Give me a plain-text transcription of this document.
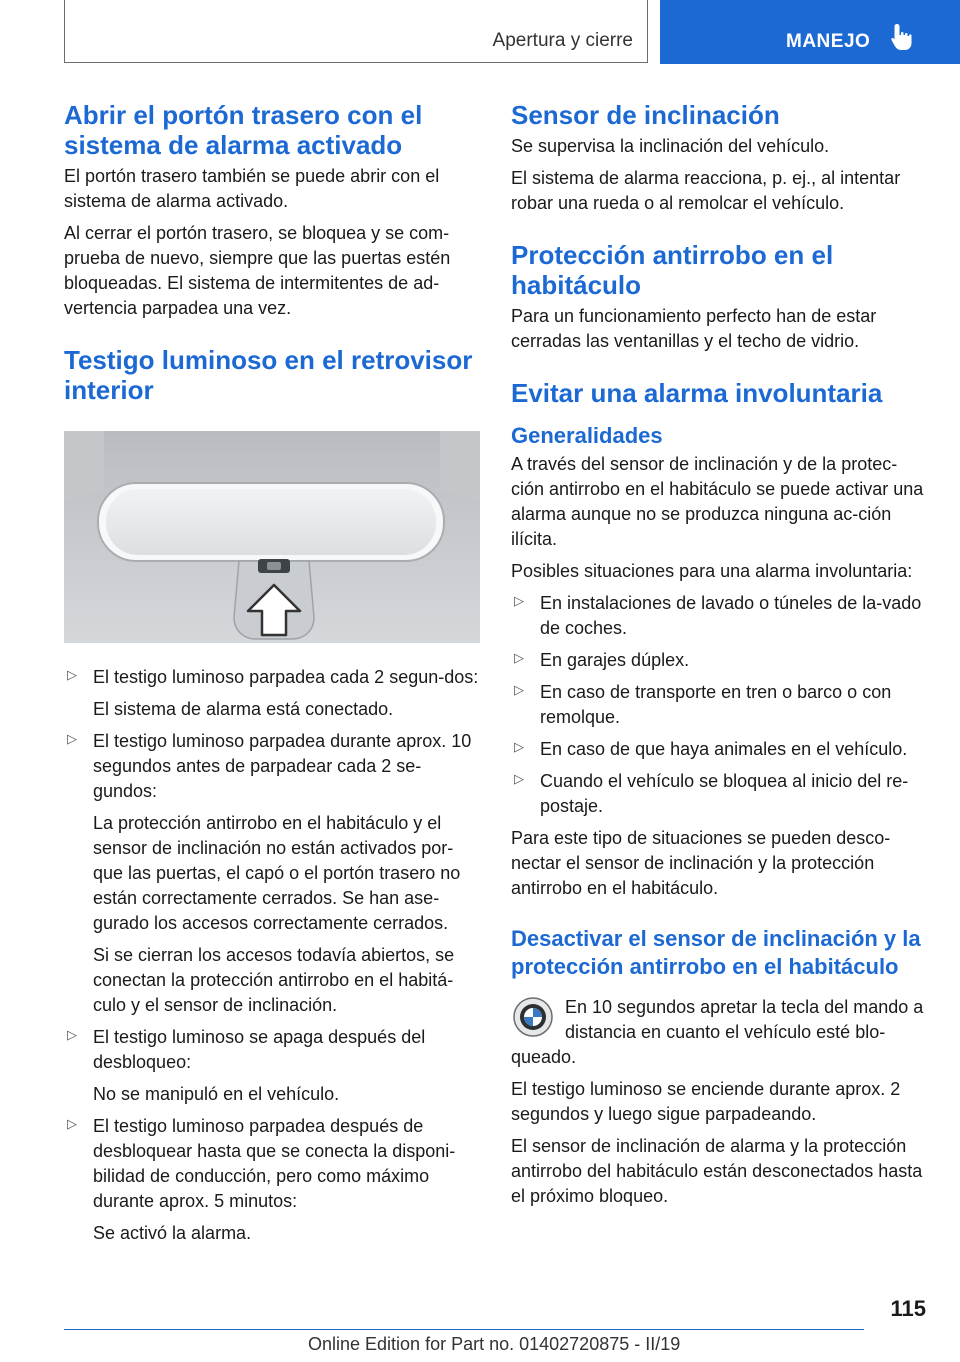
Apertura y cierre	MANEJO
Abrir el portón trasero con el sistema de alarma activado

El portón trasero también se puede abrir con el sistema de alarma activado.

Al cerrar el portón trasero, se bloquea y se com-prueba de nuevo, siempre que las puertas estén bloqueadas. El sistema de intermitentes de ad-vertencia parpadea una vez.

Testigo luminoso en el retrovisor interior
▷ El testigo luminoso parpadea cada 2 segun-dos:

El sistema de alarma está conectado.

▷ El testigo luminoso parpadea durante aprox. 10 segundos antes de parpadear cada 2 se-gundos:

La protección antirrobo en el habitáculo y el sensor de inclinación no están activados por-que las puertas, el capó o el portón trasero no están correctamente cerrados. Se han ase-gurado los accesos correctamente cerrados.

Si se cierran los accesos todavía abiertos, se conectan la protección antirrobo en el habitá-culo y el sensor de inclinación.

▷ El testigo luminoso se apaga después del desbloqueo:

No se manipuló en el vehículo.

▷ El testigo luminoso parpadea después de desbloquear hasta que se conecta la disponi-bilidad de conducción, pero como máximo durante aprox. 5 minutos:

Se activó la alarma.

Sensor de inclinación

Se supervisa la inclinación del vehículo.

El sistema de alarma reacciona, p. ej., al intentar robar una rueda o al remolcar el vehículo.

Protección antirrobo en el habitáculo

Para un funcionamiento perfecto han de estar cerradas las ventanillas y el techo de vidrio.

Evitar una alarma involuntaria
Generalidades

A través del sensor de inclinación y de la protec-ción antirrobo en el habitáculo se puede activar una alarma aunque no se produzca ninguna ac-ción ilícita.

Posibles situaciones para una alarma involuntaria:

▷ En instalaciones de lavado o túneles de la-vado de coches.

▷ En garajes dúplex.

▷ En caso de transporte en tren o barco o con remolque.

▷ En caso de que haya animales en el vehículo.

▷ Cuando el vehículo se bloquea al inicio del re-postaje.

Para este tipo de situaciones se pueden desco-nectar el sensor de inclinación y la protección antirrobo en el habitáculo.

Desactivar el sensor de inclinación y la protección antirrobo en el habitáculo

En 10 segundos apretar la tecla del mando a distancia en cuanto el vehículo esté blo-queado.

El testigo luminoso se enciende durante aprox. 2 segundos y luego sigue parpadeando.

El sensor de inclinación de alarma y la protección antirrobo del habitáculo están desconectados hasta el próximo bloqueo.

115
Online Edition for Part no. 01402720875 - II/19
